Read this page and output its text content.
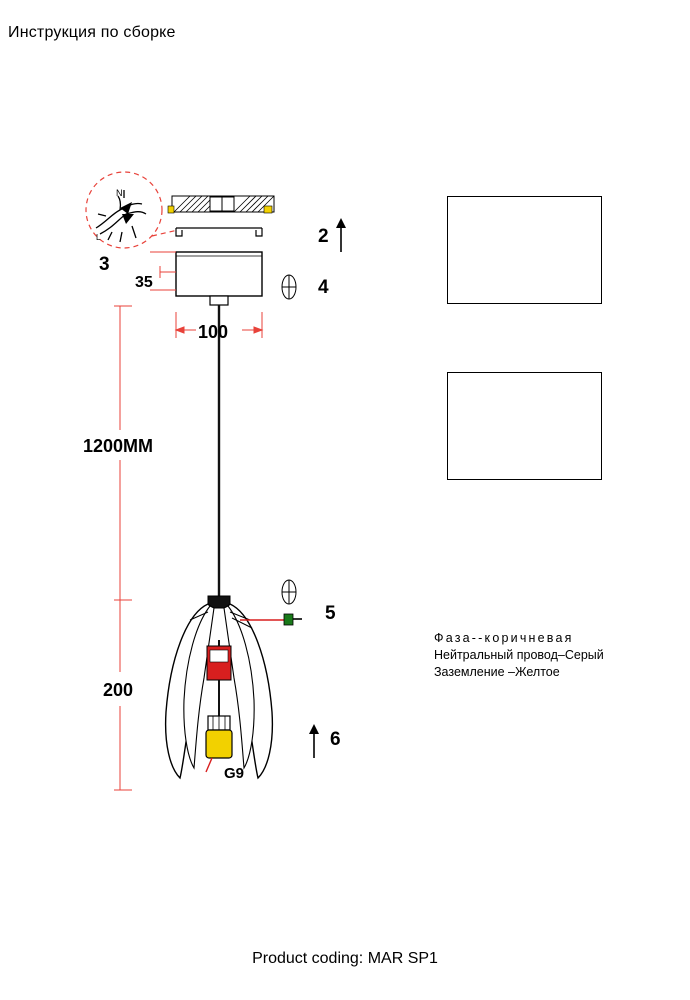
Инструкция по сборке
N
L
3
35
100
1200MM
200
2
4
5
6
G9
Фаза--коричневая
Нейтральный провод–Серый
Заземление –Желтое
Product coding: MAR SP1
